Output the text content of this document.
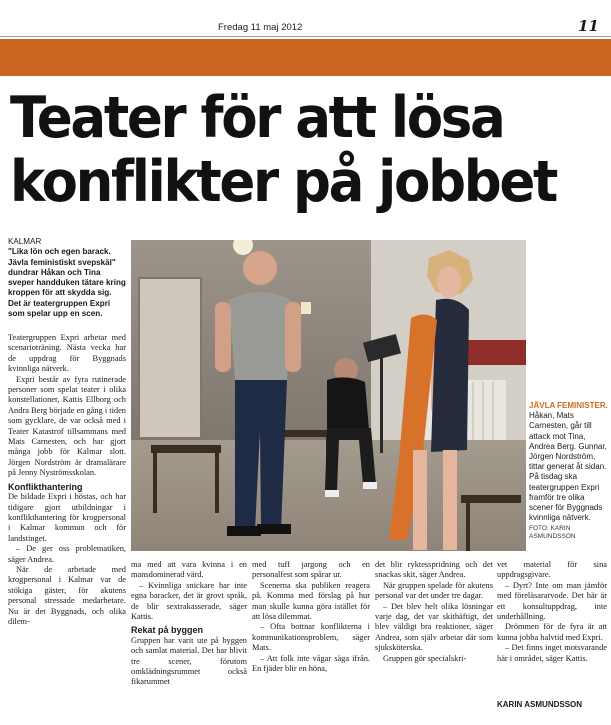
Fredag 11 maj 2012	11
Teater för att lösa
konflikter på jobbet
KALMAR
"Lika lön och egen barack. Jävla feministiskt svepskäl" dundrar Håkan och Tina sveper handduken tätare kring kroppen för att skydda sig.
Det är teatergruppen Expri som spelar upp en scen.
JÄVLA FEMINISTER. Håkan, Mats Carnesten, går till attack mot Tina, Andrea Berg. Gunnar, Jörgen Nordström, tittar generat åt sidan. På tisdag ska teatergruppen Expri framför tre olika scener för Byggnads kvinnliga nätverk.
FOTO: KARIN ASMUNDSSON

Teatergruppen Expri arbetar med scenarioträning. Nästa vecka har de uppdrag för Byggnads kvinnliga nätverk.

Expri består av fyra rutinerade personer som spelat teater i olika konstellationer, Kattis Ellborg och Andra Berg började en gång i tiden som gycklare, de var också med i Teater Katastrof tillsammans med Mats Carnesten, och har gjort många jobb för Kalmar slott. Jörgen Nordström är dramalärare på Jenny Nyströmsskolan.

Konflikthantering

De bildade Expri i höstas, och har tidigare gjort utbildningar i konflikthantering för krogpersonal i Kalmar kommun och för landstinget.

– De ger oss problematiken, säger Andrea.

När de arbetade med krogpersonal i Kalmar var de stökiga gäster, för akutens personal stressade medarbetare. Nu är det Byggnads, och olika dilem-

ma med att vara kvinna i en mansdominerad värd.

– Kvinnliga snickare har inte egna baracker, det är grovt språk, de blir sextrakasserade, säger Kattis.

Rekat på byggen

Gruppen har varit ute på byggen och samlat material. Det har blivit tre scener, förutom omklädningsrummet också fikarummet

med tuff jargong och en personalfest som spårar ur.

Scenerna ska publiken reagera på. Komma med förslag på hur man skulle kunna göra istället för att lösa dilemmat.

– Ofta bottnar konflikterna i kommunikationsproblem, säger Mats.

– Att folk inte vågar säga ifrån. En fjäder blir en höna,

det blir ryktesspridning och det snackas skit, säger Andrea.

När gruppen spelade för akutens personal var det under tre dagar.

– Det blev helt olika lösningar varje dag, det var skithäftigt, det blev väldigt bra reaktioner, säger Andrea, som själv arbetar där som sjuksköterska.

Gruppen gör specialskri-

vet material för sina uppdragsgivare.

– Dyrt? Inte om man jämför med föreläsararvode. Det här är ett konsultuppdrag, inte underhållning.

Drömmen för de fyra är att kunna jobba halvtid med Expri.

– Det finns inget motsvarande här i området, säger Kattis.

KARIN ASMUNDSSON
